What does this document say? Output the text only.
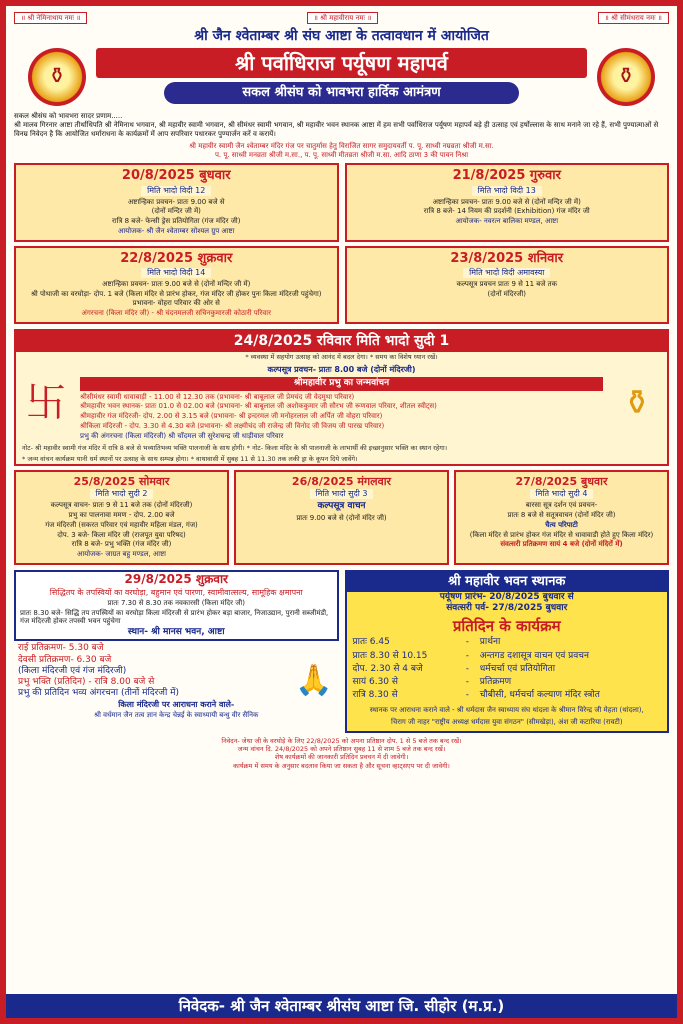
॥ श्री नेमिनाथाय नमः ॥	॥ श्री महावीराय नमः ॥	॥ श्री सीमंधराय नमः ॥
श्री जैन श्वेताम्बर श्री संघ आष्टा के तत्वावधान में आयोजित
⚱
श्री पर्वाधिराज पर्यूषण महापर्व
सकल श्रीसंघ को भावभरा हार्दिक आमंत्रण
⚱

सकल श्रीसंघ को भावभरा सादर प्रणाम.....

श्री मालव गिरनार आष्टा तीर्थाधिपति श्री नेमिनाथ भगवान, श्री महावीर स्वामी भगवान, श्री सीमंधर स्वामी भगवान, श्री महावीर भवन स्थानक आष्टा में हम सभी पर्वाधिराज पर्यूषण महापर्व बड़े ही उत्साह एवं हर्षोल्लास के साथ मनाने जा रहे हैं, सभी पुण्यात्माओं से विनम्र निवेदन है कि आयोजित धर्माराधना के कार्यक्रमों में आप सपरिवार पधारकर पुण्यार्जन करें व करायें।

श्री महावीर स्वामी जैन श्वेताम्बर मंदिर गंज पर चातुर्मास हेतु विराजित सागर समुदायवर्ती प. पू. साध्वी नम्रव्रता श्रीजी म.सा.
प. पू. साध्वी मनव्रता श्रीजी म.सा., प. पू. साध्वी मीतव्रता श्रीजी म.सा. आदि ठाणा 3 की पावन निश्रा
20/8/2025 बुधवार
मिति भादो विदी 12
अष्टान्हिका प्रवचन- प्रातः 9.00 बजे से
(दोनों मन्दिर जी में)
रात्रि 8 बजे- फेन्सी ड्रेस प्रतियोगिता (गंज मंदिर जी)
आयोजक- श्री जैन श्वेताम्बर सोश्यल ग्रुप आष्टा
21/8/2025 गुरुवार
मिति भादो विदी 13
अष्टान्हिका प्रवचन- प्रातः 9.00 बजे से (दोनों मन्दिर जी में)
रात्रि 8 बजे- 14 नियम की प्रदर्शनी (Exhibition) गंज मंदिर जी
आयोजक- नवरत्न बालिका मण्डल, आष्टा
22/8/2025 शुक्रवार
मिति भादो विदी 14
अष्टान्हिका प्रवचन- प्रातः 9.00 बजे से (दोनों मन्दिर जी में)
श्री पोथाजी का वरघोड़ा- दोप. 1 बजे (किला मंदिर से प्रारंभ होकर, गंज मंदिर जी होकर पुनः किला मंदिरजी पहुंचेगा)
प्रभावना- वोहरा परिवार की ओर से
अंगरचना (किला मंदिर जी) - श्री चंदनमलजी सचिनकुमारजी कोठारी परिवार
23/8/2025 शनिवार
मिति भादो विदी अमावस्या
कल्पसूत्र प्रवचन प्रातः 9 से 11 बजे तक
(दोनों मंदिरजी)
24/8/2025 रविवार मिति भादो सुदी 1
* व्यवस्था में सहयोग उत्साह को आनंद में बदल देगा। * समय का विशेष ध्यान रखें।
卐
कल्पसूत्र प्रवचन- प्रातः 8.00 बजे (दोनों मंदिरजी)
श्रीमहावीर प्रभु का जन्मवांचन
श्रीसीमंधर स्वामी धावाबाड़ी - 11.00 से 12.30 तक (प्रभावना- श्री बाबूलाल जी प्रेमचंद जी वेदमुथा परिवार)
श्रीमहावीर भवन स्थानक- प्रातः 01.0 से 02.00 बजे (प्रभावना- श्री बाबूलाल जी अशोककुमार जी सौरभ जी रूणवाल परिवार, शीतल स्वीट्स)
श्रीमहावीर गंज मंदिरजी- दोप. 2.00 से 3.15 बजे (प्रभावना- श्री इन्दरमल जी मनोहरलाल जी अर्पित जी वोहरा परिवार)
श्रीकिला मंदिरजी - दोप. 3.30 से 4.30 बजे (प्रभावना- श्री लक्ष्मीचंद जी राजेन्द्र जी विनोद जी विजय जी पारख परिवार)
प्रभु की अंगरचना (किला मंदिरजी) श्री चाँदमल जी सुरेशचन्द्र जी धाड़ीवाल परिवार
⚱
नोट- श्री महावीर स्वामी गंज मंदिर में रात्रि 8 बजे से भव्यातिभव्य भक्ति पालनाजी के साथ होगी। * नोट- किला मंदिर के श्री पालनाजी के लाभार्थी की इच्छानुसार भक्ति का स्थान रहेगा।
* जन्म वांचन कार्यक्रम यानी धर्म स्थानों पर उत्साह के साथ सम्पन्न होगा। * वाथावासी में सुबह 11 से 11.30 तक लकी ड्रा के कूपन दिये जावेंगे।
25/8/2025 सोमवार
मिति भादो सुदी 2
कल्पसूत्र वाचन- प्रातः 9 से 11 बजे तक (दोनों मंदिरजी)
प्रभु का पालनावा ममण - दोप. 2.00 बजे
गंज मंदिरजी (सकरत परिवार एवं महावीर महिला मंडल, गंज)
दोप. 3 बजे- किला मंदिर जी (राजपूत युवा परिषद)
रात्रि 8 बजे- प्रभु भक्ति (गंज मंदिर जी)
आयोजक- जाग्रत बहु मण्डल, आष्टा
26/8/2025 मंगलवार
मिति भादो सुदी 3
कल्पसूत्र वाचन
प्रातः 9.00 बजे से (दोनों मंदिर जी)
27/8/2025 बुधवार
मिति भादो सुदी 4
बारसा सूत्र दर्शन एवं प्रवचन-
प्रातः 8 बजे से सतूत्रवाचन (दोनों मंदिर जी)
चैत्य परिपाटी
(किला मंदिर से प्रारंभ होकर गंज मंदिर से धावावाडी होते हुए किला मंदिर)
संवत्सरी प्रतिक्रमण सायं 4 बजे (दोनों मंदिरों में)
29/8/2025 शुक्रवार
सिद्धितप के तपस्वियों का वरघोड़ा, बहुमान एवं पारणा, स्वामीवात्सल्य, सामूहिक क्षमापना
प्रातः 7.30 से 8.30 तक नवकारसी (किला मंदिर जी)
प्रातः 8.30 बजे- सिद्धि तप तपस्वियों का वरघोड़ा किला मंदिरजी से प्रारंभ होकर बड़ा बाजार, निजाउद्यान, पुरानी सब्जीमंडी, गंज मंदिरजी होकर तपस्वी भवन पहुंचेगा
स्थान- श्री मानस भवन, आष्टा
राई प्रतिक्रमण- 5.30 बजे
देवसी प्रतिक्रमण- 6.30 बजे
(किला मंदिरजी एवं गंज मंदिरजी)
प्रभु भक्ति (प्रतिदिन) - रात्रि 8.00 बजे से
प्रभु की प्रतिदिन भव्य अंगरचना (तीनों मंदिरजी में)	🙏
किला मंदिरजी पर आराधना कराने वाले-
श्री वर्धमान जैन तत्व ज्ञान केन्द्र चेन्नई के स्वाध्यायी बन्धु वीर सैनिक
श्री महावीर भवन स्थानक
पर्यूषण प्रारंभ- 20/8/2025 बुधवार से
संवत्सरी पर्व- 27/8/2025 बुधवार
प्रतिदिन के कार्यक्रम
प्रातः 6.45	-	प्रार्थना
प्रातः 8.30 से 10.15	-	अन्तगड दशासूत्र वाचन एवं प्रवचन
दोप. 2.30 से 4 बजे	-	धर्मचर्चा एवं प्रतियोगिता
सायं 6.30 से	-	प्रतिक्रमण
रात्रि 8.30 से	-	चौबीसी, धर्मचर्चा कल्याण मंदिर स्त्रोत
स्थानक पर आराधना कराने वाले - श्री धर्मदास जैन स्वाध्याय संघ थांदला के श्रीमान विरेन्द्र जी मेहता (थांदला),
चिराग जी नाहर "राष्ट्रीय अध्यक्ष धर्मदास युवा संगठन" (सीमखेड़ा), अंश जी कटारिया (रावटी)
निवेदन- जेथा जी के वरघोड़े के लिए 22/8/2025 को अपना प्रतिष्ठान दोप. 1 से 5 बजे तक बन्द रखें।
जन्म वांचन दि. 24/8/2025 को अपने प्रतिष्ठान सुबह 11 से शाम 5 बजे तक बन्द रखें।
शेष कार्यक्रमों की जानकारी प्रतिदिन प्रवचन में दी जावेगी।
कार्यक्रम में समय के अनुसार बदलाव किया जा सकता है और सूचना व्हाट्सएप पर दी जावेगी।
निवेदक- श्री जैन श्वेताम्बर श्रीसंघ आष्टा जि. सीहोर (म.प्र.)
